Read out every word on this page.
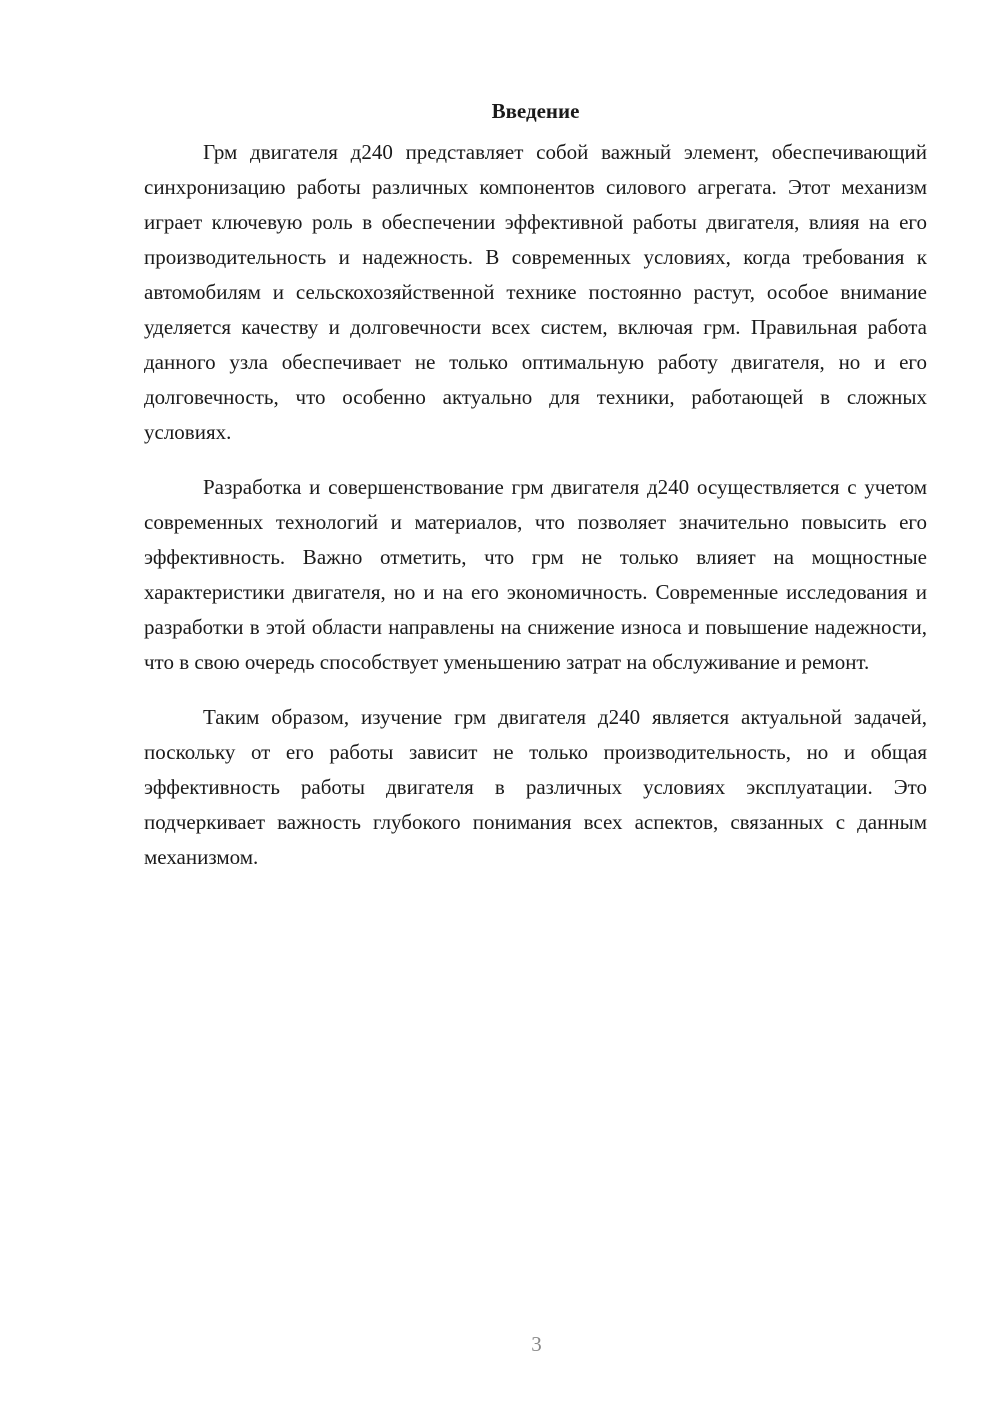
Введение

Грм двигателя д240 представляет собой важный элемент, обеспечивающий синхронизацию работы различных компонентов силового агрегата. Этот механизм играет ключевую роль в обеспечении эффективной работы двигателя, влияя на его производительность и надежность. В современных условиях, когда требования к автомобилям и сельскохозяйственной технике постоянно растут, особое внимание уделяется качеству и долговечности всех систем, включая грм. Правильная работа данного узла обеспечивает не только оптимальную работу двигателя, но и его долговечность, что особенно актуально для техники, работающей в сложных условиях.

Разработка и совершенствование грм двигателя д240 осуществляется с учетом современных технологий и материалов, что позволяет значительно повысить его эффективность. Важно отметить, что грм не только влияет на мощностные характеристики двигателя, но и на его экономичность. Современные исследования и разработки в этой области направлены на снижение износа и повышение надежности, что в свою очередь способствует уменьшению затрат на обслуживание и ремонт.

Таким образом, изучение грм двигателя д240 является актуальной задачей, поскольку от его работы зависит не только производительность, но и общая эффективность работы двигателя в различных условиях эксплуатации. Это подчеркивает важность глубокого понимания всех аспектов, связанных с данным механизмом.

3
